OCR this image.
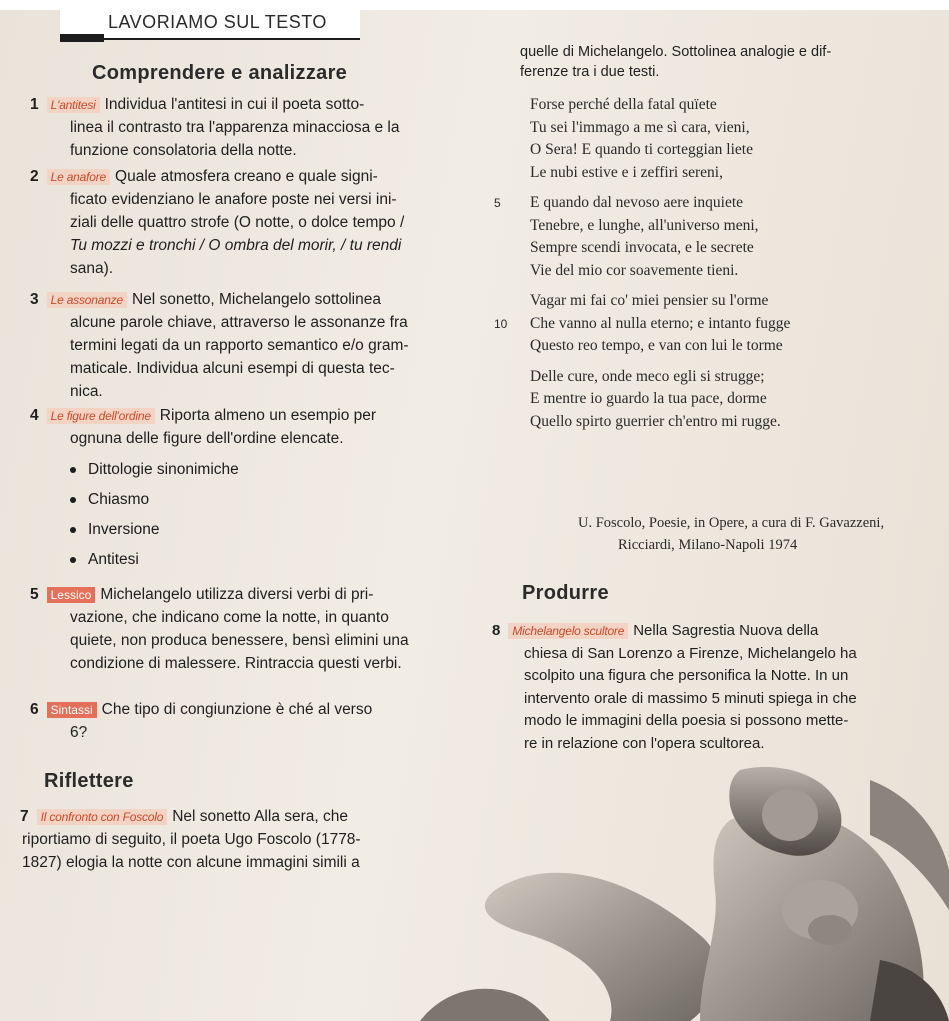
LAVORIAMO SUL TESTO
Comprendere e analizzare
1 L'antitesi Individua l'antitesi in cui il poeta sotto-
linea il contrasto tra l'apparenza minacciosa e la
funzione consolatoria della notte.
2 Le anafore Quale atmosfera creano e quale signi-
ficato evidenziano le anafore poste nei versi ini-
ziali delle quattro strofe (O notte, o dolce tempo /
Tu mozzi e tronchi / O ombra del morir, / tu rendi
sana).
3 Le assonanze Nel sonetto, Michelangelo sottolinea
alcune parole chiave, attraverso le assonanze fra
termini legati da un rapporto semantico e/o gram-
maticale. Individua alcuni esempi di questa tec-
nica.
4 Le figure dell'ordine Riporta almeno un esempio per
ognuna delle figure dell'ordine elencate.
Dittologie sinonimiche
Chiasmo
Inversione
Antitesi
5 Lessico Michelangelo utilizza diversi verbi di pri-
vazione, che indicano come la notte, in quanto
quiete, non produca benessere, bensì elimini una
condizione di malessere. Rintraccia questi verbi.
6 Sintassi Che tipo di congiunzione è ché al verso
6?
Riflettere
7 Il confronto con Foscolo Nel sonetto Alla sera, che
riportiamo di seguito, il poeta Ugo Foscolo (1778-
1827) elogia la notte con alcune immagini simili a
quelle di Michelangelo. Sottolinea analogie e dif-
ferenze tra i due testi.
Forse perché della fatal quïete
Tu sei l'immago a me sì cara, vieni,
O Sera! E quando ti corteggian liete
Le nubi estive e i zeffiri sereni,
5 E quando dal nevoso aere inquiete
Tenebre, e lunghe, all'universo meni,
Sempre scendi invocata, e le secrete
Vie del mio cor soavemente tieni.
Vagar mi fai co' miei pensier su l'orme
10 Che vanno al nulla eterno; e intanto fugge
Questo reo tempo, e van con lui le torme
Delle cure, onde meco egli si strugge;
E mentre io guardo la tua pace, dorme
Quello spirto guerrier ch'entro mi rugge.
U. Foscolo, Poesie, in Opere, a cura di F. Gavazzeni,
Ricciardi, Milano-Napoli 1974
Produrre
8 Michelangelo scultore Nella Sagrestia Nuova della
chiesa di San Lorenzo a Firenze, Michelangelo ha
scolpito una figura che personifica la Notte. In un
intervento orale di massimo 5 minuti spiega in che
modo le immagini della poesia si possono mette-
re in relazione con l'opera scultorea.
